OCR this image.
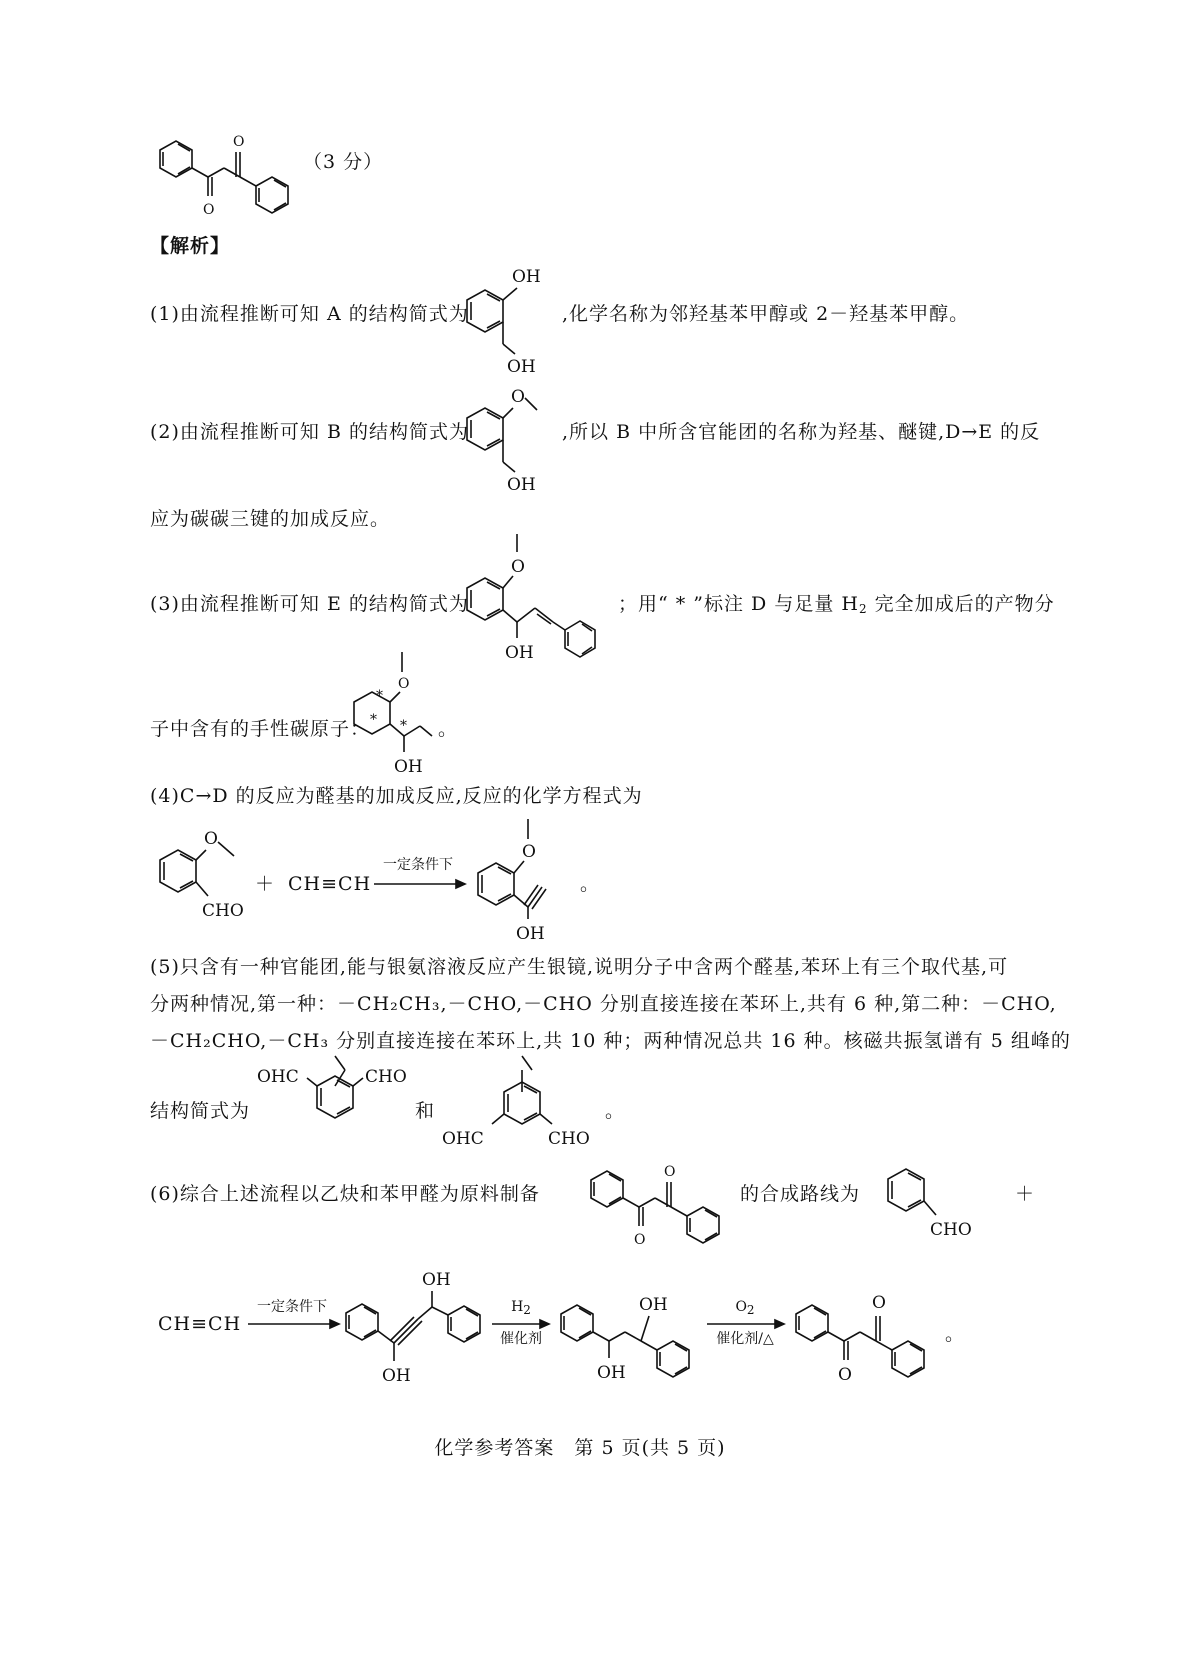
O
O
（3 分）
【解析】
(1)由流程推断可知 A 的结构简式为
OH
OH
,化学名称为邻羟基苯甲醇或 2－羟基苯甲醇。
(2)由流程推断可知 B 的结构简式为
O
OH
,所以 B 中所含官能团的名称为羟基、醚键,D→E 的反
应为碳碳三键的加成反应。
(3)由流程推断可知 E 的结构简式为
O
OH
；用“ * ”标注 D 与足量 $H_2$ 完全加成后的产物分
子中含有的手性碳原子：
O
*
* *
OH
。
(4)C→D 的反应为醛基的加成反应,反应的化学方程式为
O
CHO
＋ CH≡CH
一定条件下
O
OH
。
(5)只含有一种官能团,能与银氨溶液反应产生银镜,说明分子中含两个醛基,苯环上有三个取代基,可
分两种情况,第一种：－CH₂CH₃,－CHO,－CHO 分别直接连接在苯环上,共有 6 种,第二种：－CHO,
－CH₂CHO,－CH₃ 分别直接连接在苯环上,共 10 种；两种情况总共 16 种。核磁共振氢谱有 5 组峰的
结构简式为
OHC	CHO
和
OHC	CHO
。
(6)综合上述流程以乙炔和苯甲醛为原料制备
O
O
的合成路线为
CHO
＋
CH≡CH
一定条件下
OH
OH
$H_2$
催化剂
OH
OH
$O_2$
催化剂/△
O
O
。
化学参考答案　第 5 页(共 5 页)
